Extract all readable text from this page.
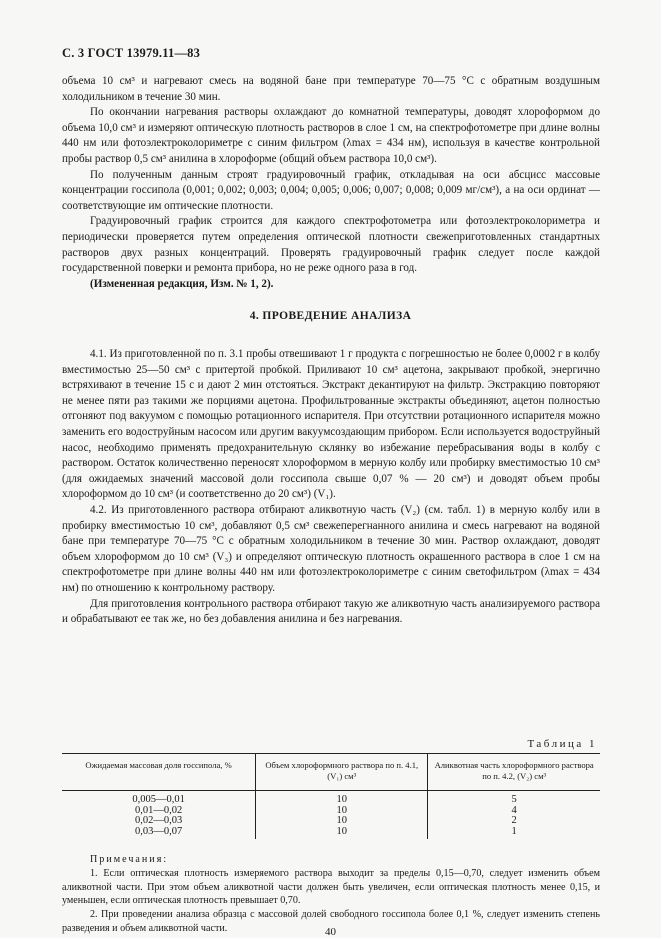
С. 3 ГОСТ 13979.11—83

объема 10 см³ и нагревают смесь на водяной бане при температуре 70—75 °С с обратным воздушным холодильником в течение 30 мин.

По окончании нагревания растворы охлаждают до комнатной температуры, доводят хлороформом до объема 10,0 см³ и измеряют оптическую плотность растворов в слое 1 см, на спектрофотометре при длине волны 440 нм или фотоэлектроколориметре с синим фильтром (λmax = 434 нм), используя в качестве контрольной пробы раствор 0,5 см³ анилина в хлороформе (общий объем раствора 10,0 см³).

По полученным данным строят градуировочный график, откладывая на оси абсцисс массовые концентрации госсипола (0,001; 0,002; 0,003; 0,004; 0,005; 0,006; 0,007; 0,008; 0,009 мг/см³), а на оси ординат — соответствующие им оптические плотности.

Градуировочный график строится для каждого спектрофотометра или фотоэлектроколориметра и периодически проверяется путем определения оптической плотности свежеприготовленных стандартных растворов двух разных концентраций. Проверять градуировочный график следует после каждой государственной поверки и ремонта прибора, но не реже одного раза в год.

(Измененная редакция, Изм. № 1, 2).

4. ПРОВЕДЕНИЕ АНАЛИЗА

4.1. Из приготовленной по п. 3.1 пробы отвешивают 1 г продукта с погрешностью не более 0,0002 г в колбу вместимостью 25—50 см³ с притертой пробкой. Приливают 10 см³ ацетона, закрывают пробкой, энергично встряхивают в течение 15 с и дают 2 мин отстояться. Экстракт декантируют на фильтр. Экстракцию повторяют не менее пяти раз такими же порциями ацетона. Профильтрованные экстракты объединяют, ацетон полностью отгоняют под вакуумом с помощью ротационного испарителя. При отсутствии ротационного испарителя можно заменить его водоструйным насосом или другим вакуумсоздающим прибором. Если используется водоструйный насос, необходимо применять предохранительную склянку во избежание перебрасывания воды в колбу с раствором. Остаток количественно переносят хлороформом в мерную колбу или пробирку вместимостью 10 см³ (для ожидаемых значений массовой доли госсипола свыше 0,07 % — 20 см³) и доводят объем пробы хлороформом до 10 см³ (и соответственно до 20 см³) (V₁).

4.2. Из приготовленного раствора отбирают аликвотную часть (V₂) (см. табл. 1) в мерную колбу или в пробирку вместимостью 10 см³, добавляют 0,5 см³ свежеперегнанного анилина и смесь нагревают на водяной бане при температуре 70—75 °С с обратным холодильником в течение 30 мин. Раствор охлаждают, доводят объем хлороформом до 10 см³ (V₃) и определяют оптическую плотность окрашенного раствора в слое 1 см на спектрофотометре при длине волны 440 нм или фотоэлектроколориметре с синим светофильтром (λmax = 434 нм) по отношению к контрольному раствору.

Для приготовления контрольного раствора отбирают такую же аликвотную часть анализируемого раствора и обрабатывают ее так же, но без добавления анилина и без нагревания.

Таблица 1
Ожидаемая массовая доля госсипола, %	Объем хлороформного раствора по п. 4.1, (V₁) см³	Аликвотная часть хлороформного раствора по п. 4.2, (V₂) см³
0,005—0,01	10	5
0,01—0,02	10	4
0,02—0,03	10	2
0,03—0,07	10	1
Примечания:

1. Если оптическая плотность измеряемого раствора выходит за пределы 0,15—0,70, следует изменить объем аликвотной части. При этом объем аликвотной части должен быть увеличен, если оптическая плотность менее 0,15, и уменьшен, если оптическая плотность превышает 0,70.

2. При проведении анализа образца с массовой долей свободного госсипола более 0,1 %, следует изменить степень разведения и объем аликвотной части.	40
